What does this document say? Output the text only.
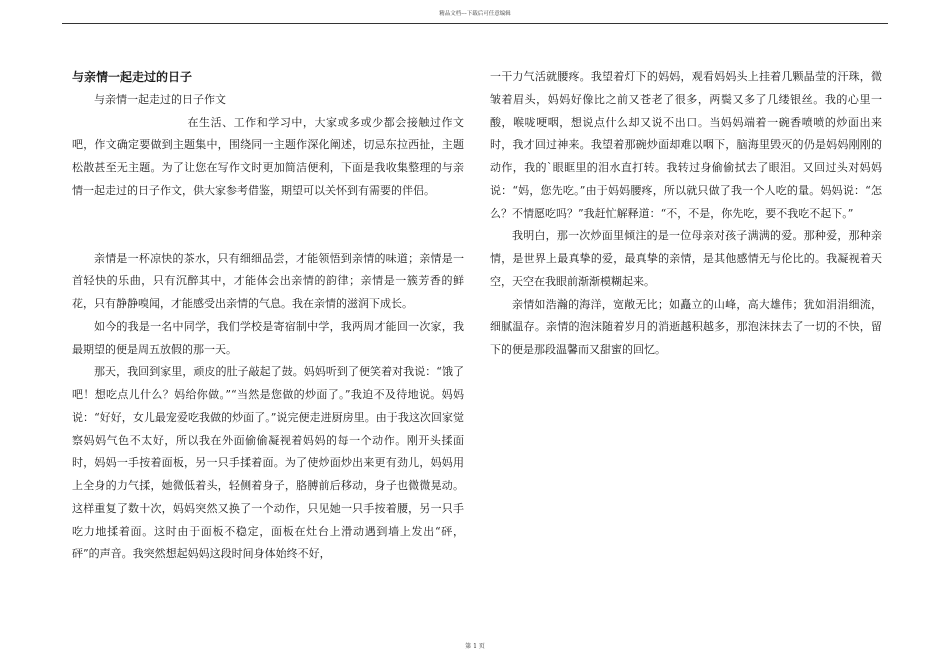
精品文档---下载后可任意编辑

与亲情一起走过的日子

与亲情一起走过的日子作文

在生活、工作和学习中，大家或多或少都会接触过作文吧，作文确定要做到主题集中，围绕同一主题作深化阐述，切忌东拉西扯，主题松散甚至无主题。为了让您在写作文时更加简洁便利，下面是我收集整理的与亲情一起走过的日子作文，供大家参考借鉴，期望可以关怀到有需要的伴侣。

亲情是一杯凉快的茶水，只有细细品尝，才能领悟到亲情的味道；亲情是一首轻快的乐曲，只有沉醉其中，才能体会出亲情的韵律；亲情是一簇芳香的鲜花，只有静静嗅闻，才能感受出亲情的气息。我在亲情的滋润下成长。

如今的我是一名中同学，我们学校是寄宿制中学，我两周才能回一次家，我最期望的便是周五放假的那一天。

那天，我回到家里，顽皮的肚子敲起了鼓。妈妈听到了便笑着对我说：“饿了吧！想吃点儿什么？妈给你做。”“当然是您做的炒面了。”我迫不及待地说。妈妈说：“好好，女儿最宠爱吃我做的炒面了。”说完便走进厨房里。由于我这次回家觉察妈妈气色不太好，所以我在外面偷偷凝视着妈妈的每一个动作。刚开头揉面时，妈妈一手按着面板，另一只手揉着面。为了使炒面炒出来更有劲儿，妈妈用上全身的力气揉，她微低着头，轻侧着身子，胳膊前后移动，身子也微微晃动。这样重复了数十次，妈妈突然又换了一个动作，只见她一只手按着腰，另一只手吃力地揉着面。这时由于面板不稳定，面板在灶台上滑动遇到墙上发出“砰，砰”的声音。我突然想起妈妈这段时间身体始终不好，

一干力气活就腰疼。我望着灯下的妈妈，观看妈妈头上挂着几颗晶莹的汗珠，微皱着眉头，妈妈好像比之前又苍老了很多，两鬓又多了几缕银丝。我的心里一酸，喉咙哽咽，想说点什么却又说不出口。当妈妈端着一碗香喷喷的炒面出来时，我才回过神来。我望着那碗炒面却难以咽下，脑海里毁灭的仍是妈妈刚刚的动作，我的`眼眶里的泪水直打转。我转过身偷偷拭去了眼泪。又回过头对妈妈说：“妈，您先吃。”由于妈妈腰疼，所以就只做了我一个人吃的量。妈妈说：“怎么？不情愿吃吗？”我赶忙解释道：“不，不是，你先吃，要不我吃不起下。”

我明白，那一次炒面里倾注的是一位母亲对孩子满满的爱。那种爱，那种亲情，是世界上最真挚的爱，最真挚的亲情，是其他感情无与伦比的。我凝视着天空，天空在我眼前渐渐模糊起来。

亲情如浩瀚的海洋，宽敞无比；如矗立的山峰，高大雄伟；犹如涓涓细流，细腻温存。亲情的泡沫随着岁月的消逝越积越多，那泡沫抹去了一切的不快，留下的便是那段温馨而又甜蜜的回忆。

第 1 页
